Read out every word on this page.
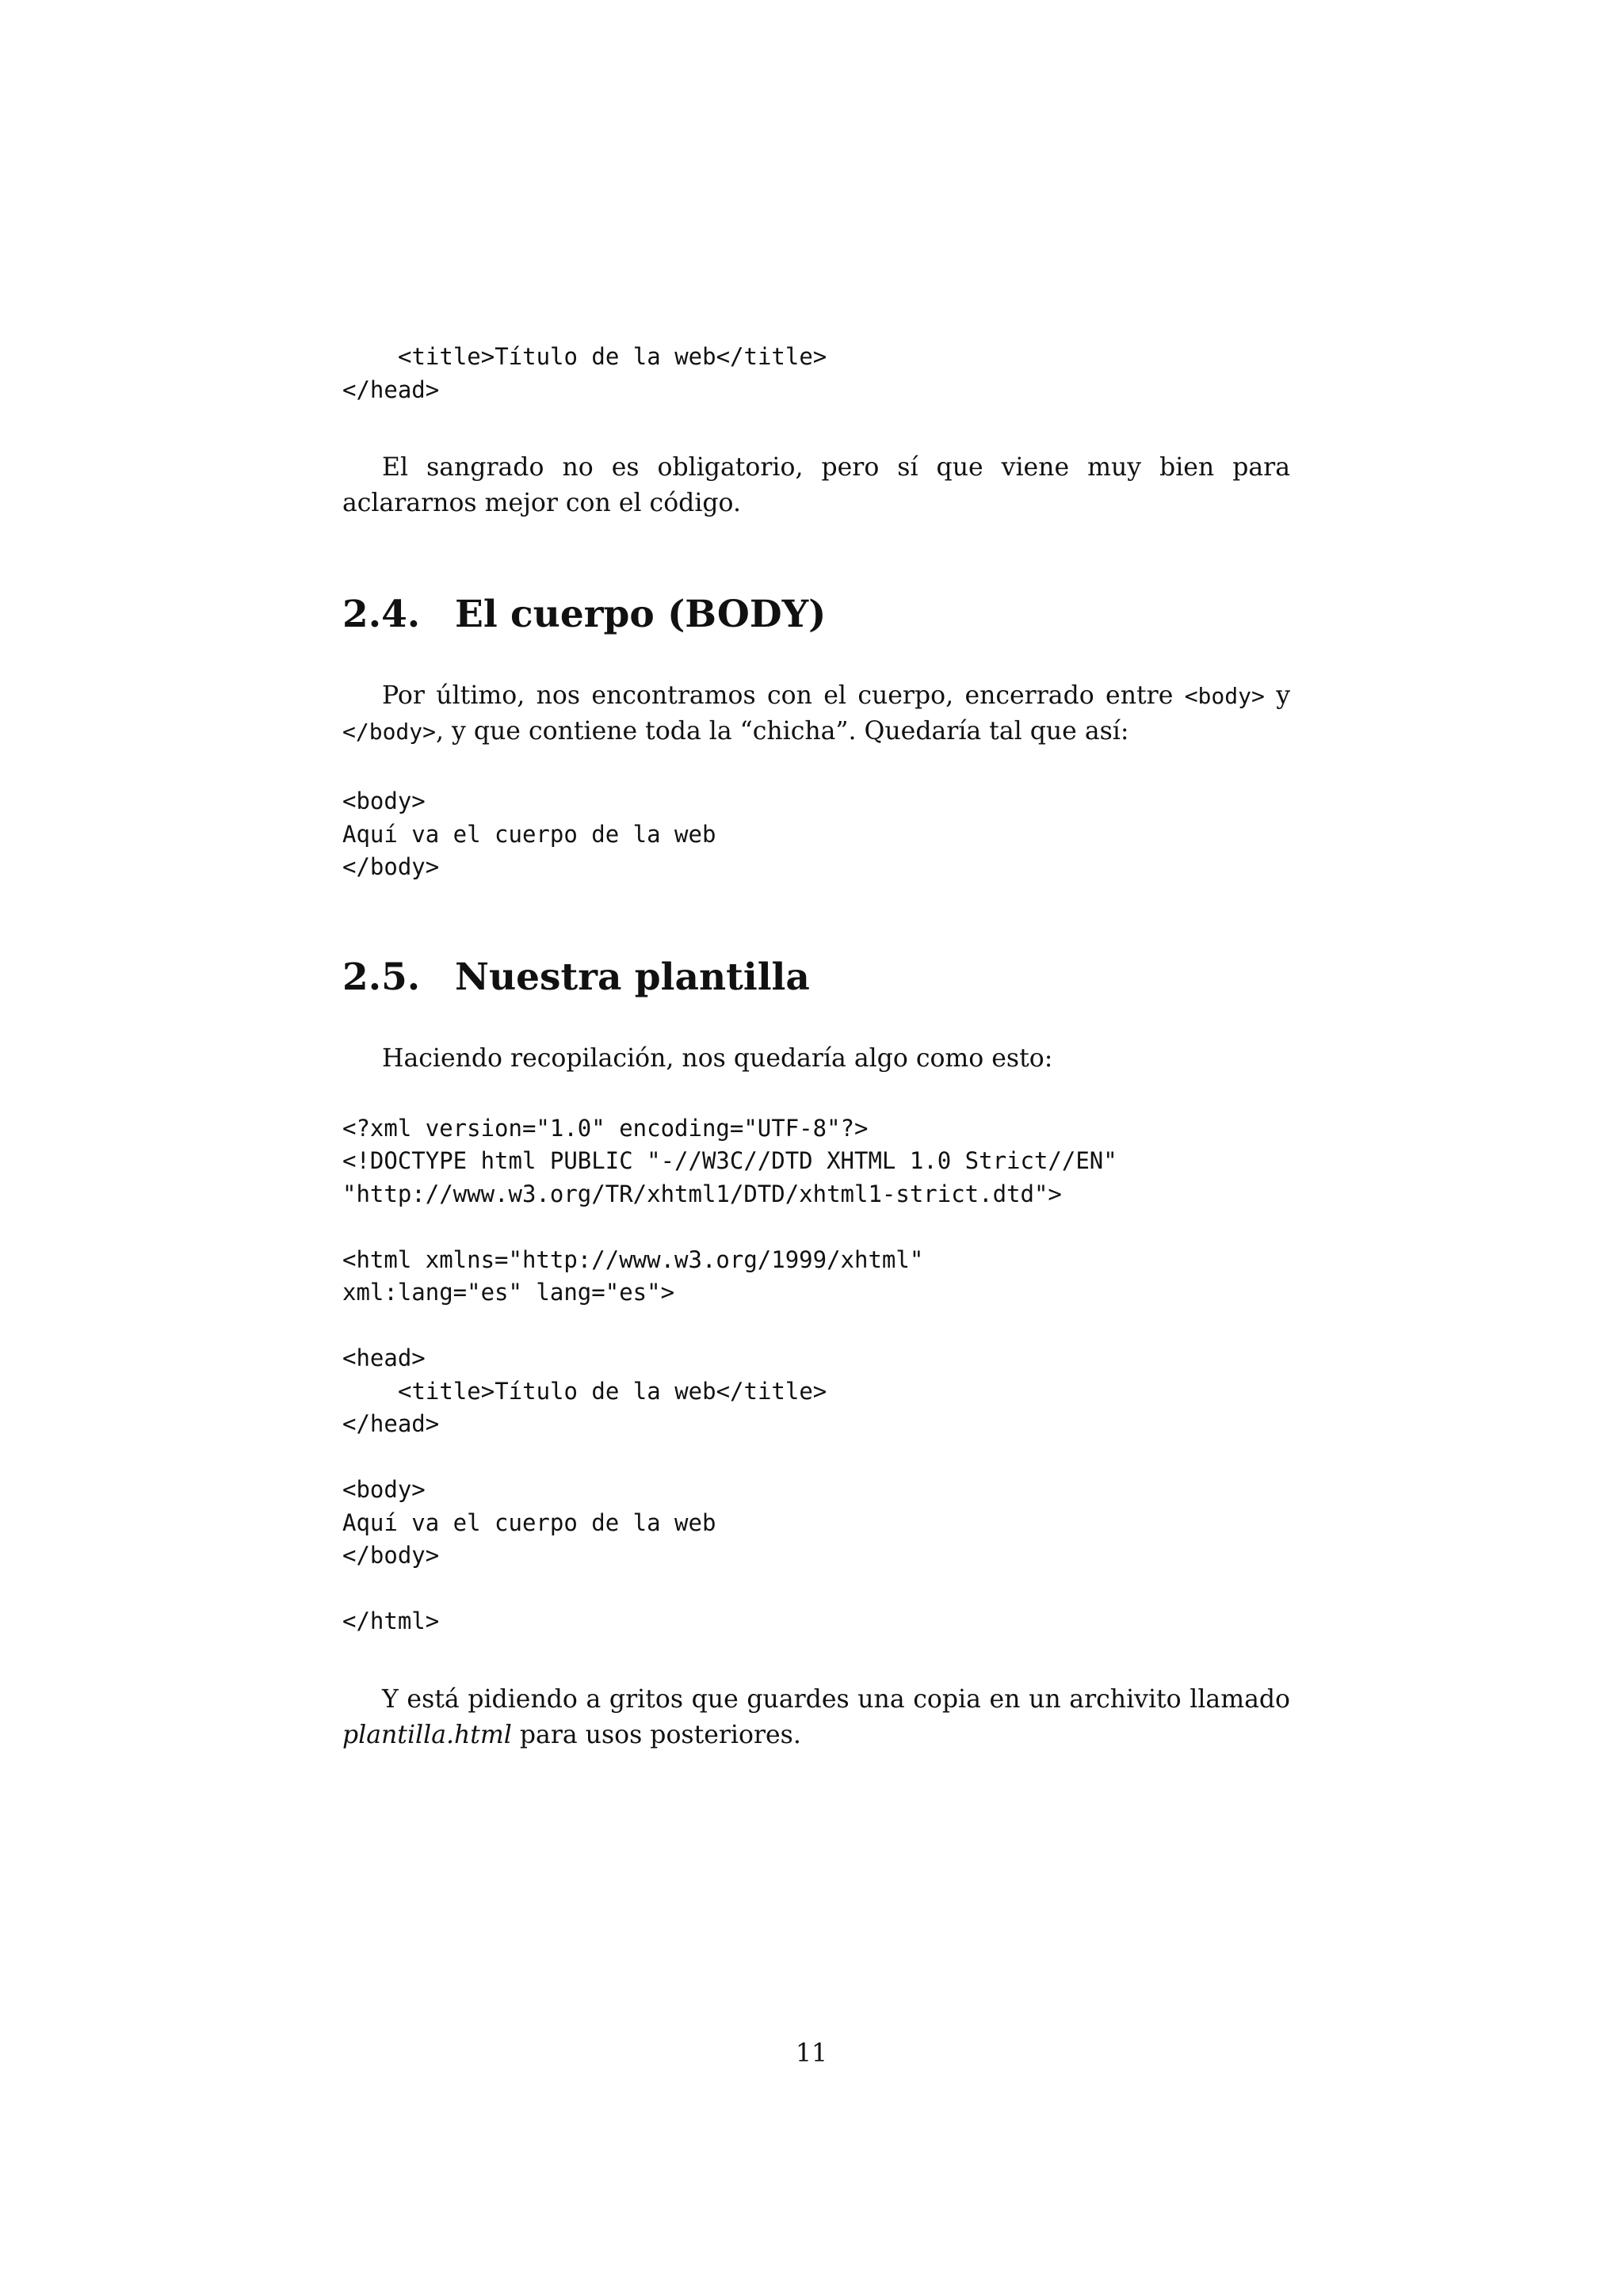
<title>Título de la web</title>
</head>

El sangrado no es obligatorio, pero sí que viene muy bien para aclararnos mejor con el código.

2.4. El cuerpo (BODY)

Por último, nos encontramos con el cuerpo, encerrado entre <body> y </body>, y que contiene toda la “chicha”. Quedaría tal que así:

<body>
Aquí va el cuerpo de la web
</body>
2.5. Nuestra plantilla

Haciendo recopilación, nos quedaría algo como esto:

<?xml version="1.0" encoding="UTF-8"?>
<!DOCTYPE html PUBLIC "-//W3C//DTD XHTML 1.0 Strict//EN"
"http://www.w3.org/TR/xhtml1/DTD/xhtml1-strict.dtd">
<html xmlns="http://www.w3.org/1999/xhtml"
xml:lang="es" lang="es">
<head>
<title>Título de la web</title>
</head>
<body>
Aquí va el cuerpo de la web
</body>
</html>

Y está pidiendo a gritos que guardes una copia en un archivito llamado plantilla.html para usos posteriores.

11
